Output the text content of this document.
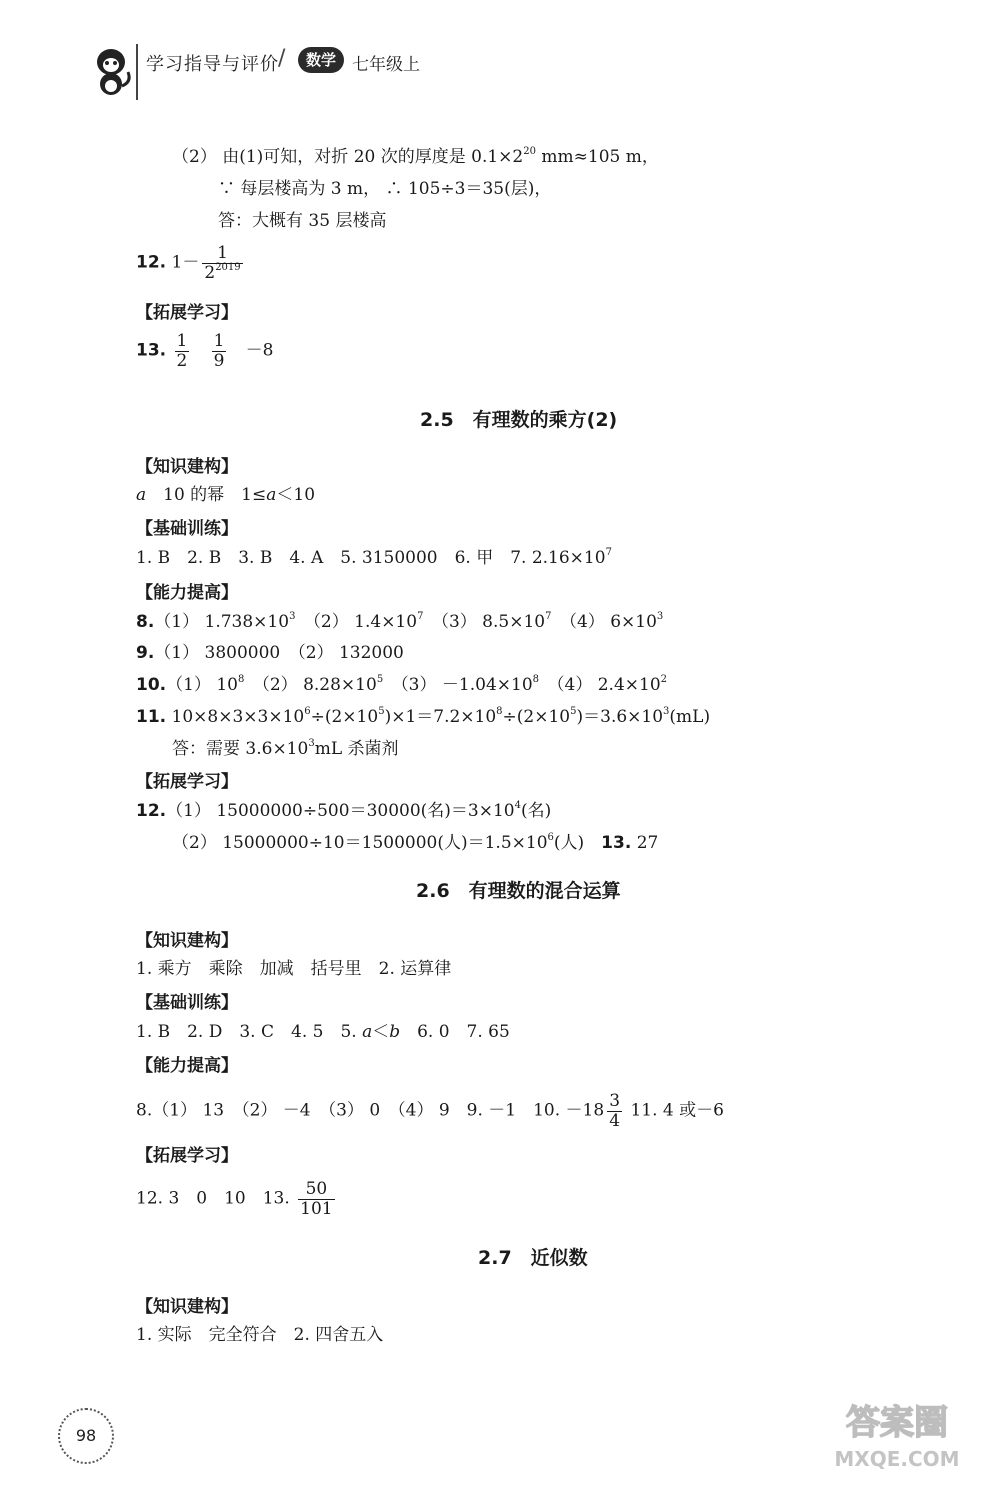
学习指导与评价 /	数学 七年级上
（2） 由(1)可知，对折 20 次的厚度是 $0.1\times 2^{20}$ mm≈105 m，
∵ 每层楼高为 3 m， ∴ 105÷3＝35(层)，
答：大概有 35 层楼高
12. $1- \frac{1}{2^{2019}}$
【拓展学习】
13. $\frac{1}{2}$
$\frac{1}{9} -8$
2.5　有理数的乘方(2)
【知识建构】
a　 10 的幂　1≤a＜10
【基础训练】
1. B　2. B　3. B　4. A　5. 3150000　6. 甲　7. $2.16\times 10^7$
【能力提高】
8.（1） $1.738\times 10^3$　 （2） $1.4\times 10^7$　 （3） $8.5\times 10^7$　 （4） $6\times 10^3$
9.（1） 3800000　（2） 132000
10.（1） $10^8$　 （2） $8.28\times 10^5$　 $(3) -1.04\times 10^8$　 （4） $2.4\times 10^2$
11. $10\times 8\times 3\times 3\times 10^6\div(2\times 10^5)\times 1=7.2\times 10^8\div(2\times 10^5)=3.6\times 10^3(mL)$
答：需要 $3.6\times 10^3mL$ 杀菌剂
【拓展学习】
12.（1） 15000000÷500＝30000(名)$=3\times 10^4$(名)
（2） 15000000÷10＝1500000(人)$=1.5\times 10^6$(人)　 13. 27
2.6　有理数的混合运算
【知识建构】
1. 乘方　乘除　加减　括号里　2. 运算律
【基础训练】
1. B　2. D　3. C　4. 5　5. a＜b　6. 0　7. 65
【能力提高】
8.（1） 13　（2） －4　（3） 0　（4） 9　9. －1　10. $-18 \frac{3}{4} 11$. 4 或－6
【拓展学习】
12. 3　0　10　13. $\frac{50}{101}$
2.7　近似数
【知识建构】
1. 实际　完全符合　2. 四舍五入
98	答案圈
MXQE.COM
